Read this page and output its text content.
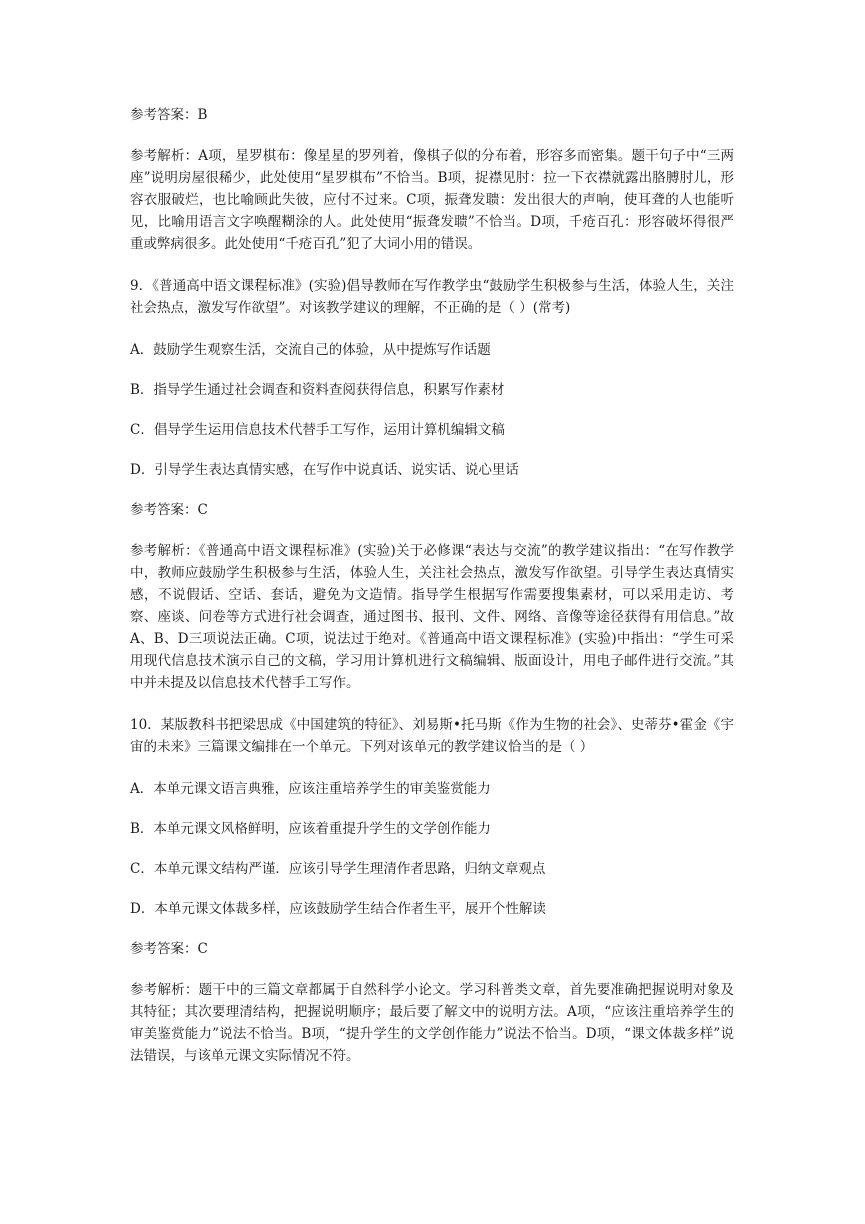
参考答案：B

参考解析：A项，星罗棋布：像星星的罗列着，像棋子似的分布着，形容多而密集。题干句子中“三两座”说明房屋很稀少，此处使用“星罗棋布”不恰当。B项，捉襟见肘：拉一下衣襟就露出胳膊肘儿，形容衣服破烂，也比喻顾此失彼，应付不过来。C项，振聋发聩：发出很大的声响，使耳聋的人也能听见，比喻用语言文字唤醒糊涂的人。此处使用“振聋发聩”不恰当。D项，千疮百孔：形容破坏得很严重或弊病很多。此处使用“千疮百孔”犯了大词小用的错误。

9．《普通高中语文课程标准》(实验)倡导教师在写作教学虫“鼓励学生积极参与生活，体验人生，关注社会热点，激发写作欲望”。对该教学建议的理解，不正确的是（ ）(常考)

A．鼓励学生观察生活，交流自己的体验，从中提炼写作话题

B．指导学生通过社会调查和资料查阅获得信息，积累写作素材

C．倡导学生运用信息技术代替手工写作，运用计算机编辑文稿

D．引导学生表达真情实感，在写作中说真话、说实话、说心里话

参考答案：C

参考解析：《普通高中语文课程标准》(实验)关于必修课“表达与交流”的教学建议指出：“在写作教学中，教师应鼓励学生积极参与生活，体验人生，关注社会热点，激发写作欲望。引导学生表达真情实感，不说假话、空话、套话，避免为文造情。指导学生根据写作需要搜集素材，可以采用走访、考察、座谈、问卷等方式进行社会调查，通过图书、报刊、文件、网络、音像等途径获得有用信息。”故A、B、D三项说法正确。C项，说法过于绝对。《普通高中语文课程标准》(实验)中指出：“学生可采用现代信息技术演示自己的文稿，学习用计算机进行文稿编辑、版面设计，用电子邮件进行交流。”其中并未提及以信息技术代替手工写作。

10．某版教科书把梁思成《中国建筑的特征》、刘易斯•托马斯《作为生物的社会》、史蒂芬•霍金《宇宙的未来》三篇课文编排在一个单元。下列对该单元的教学建议恰当的是（ ）

A．本单元课文语言典雅，应该注重培养学生的审美鉴赏能力

B．本单元课文风格鲜明，应该着重提升学生的文学创作能力

C．本单元课文结构严谨．应该引导学生理清作者思路，归纳文章观点

D．本单元课文体裁多样，应该鼓励学生结合作者生平，展开个性解读

参考答案：C

参考解析：题干中的三篇文章都属于自然科学小论文。学习科普类文章，首先要准确把握说明对象及其特征；其次要理清结构，把握说明顺序；最后要了解文中的说明方法。A项，“应该注重培养学生的审美鉴赏能力”说法不恰当。B项，“提升学生的文学创作能力”说法不恰当。D项，“课文体裁多样”说法错误，与该单元课文实际情况不符。
